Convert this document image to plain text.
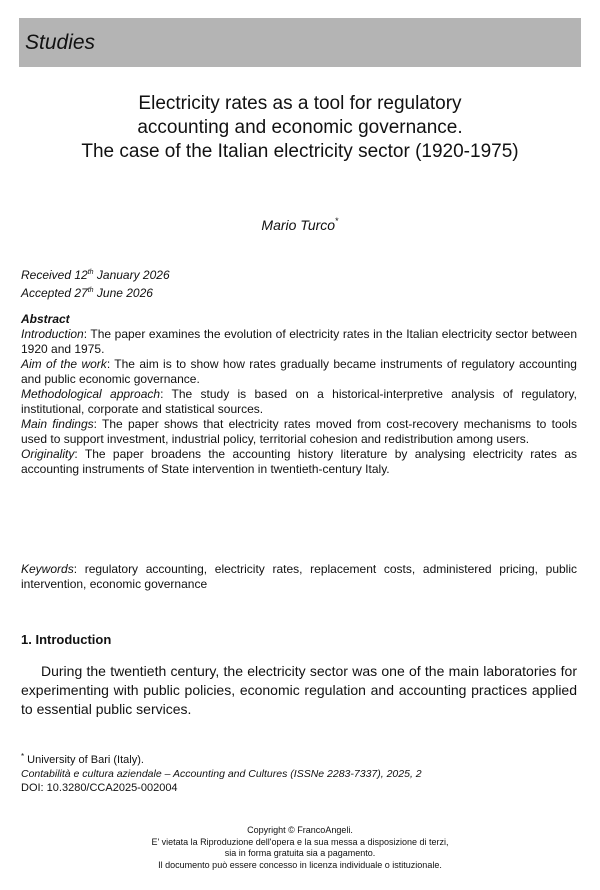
Studies
Electricity rates as a tool for regulatory
accounting and economic governance.
The case of the Italian electricity sector (1920-1975)
Mario Turco*
Received 12th January 2026
Accepted 27th June 2026
Abstract

Introduction: The paper examines the evolution of electricity rates in the Italian electricity sector between 1920 and 1975.

Aim of the work: The aim is to show how rates gradually became instruments of regulatory accounting and public economic governance.

Methodological approach: The study is based on a historical-interpretive analysis of regulatory, institutional, corporate and statistical sources.

Main findings: The paper shows that electricity rates moved from cost-recovery mechanisms to tools used to support investment, industrial policy, territorial cohesion and redistribution among users.

Originality: The paper broadens the accounting history literature by analysing electricity rates as accounting instruments of State intervention in twentieth-century Italy.

Keywords: regulatory accounting, electricity rates, replacement costs, administered pricing, public intervention, economic governance
1. Introduction
During the twentieth century, the electricity sector was one of the main laboratories for experimenting with public policies, economic regulation and accounting practices applied to essential public services.
* University of Bari (Italy).
Contabilità e cultura aziendale – Accounting and Cultures (ISSNe 2283-7337), 2025, 2
DOI: 10.3280/CCA2025-002004
Copyright © FrancoAngeli.
E' vietata la Riproduzione dell'opera e la sua messa a disposizione di terzi,
sia in forma gratuita sia a pagamento.
Il documento può essere concesso in licenza individuale o istituzionale.
